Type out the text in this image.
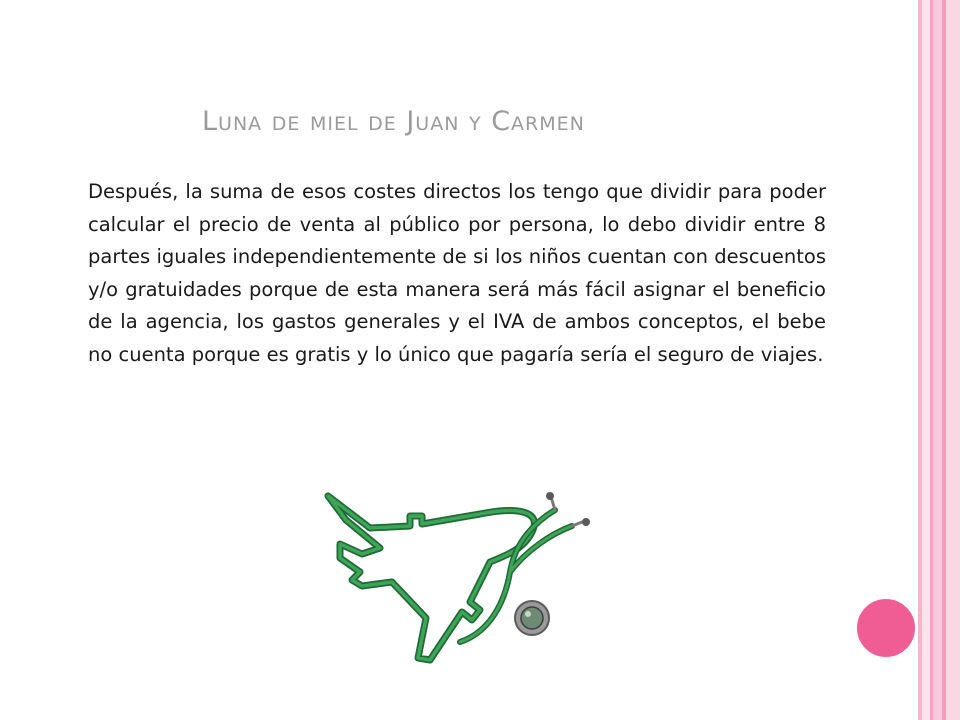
Luna de miel de Juan y Carmen

Después, la suma de esos costes directos los tengo que dividir para poder calcular el precio de venta al público por persona, lo debo dividir entre 8 partes iguales independientemente de si los niños cuentan con descuentos y/o gratuidades porque de esta manera será más fácil asignar el beneficio de la agencia, los gastos generales y el IVA de ambos conceptos, el bebe no cuenta porque es gratis y lo único que pagaría sería el seguro de viajes.
